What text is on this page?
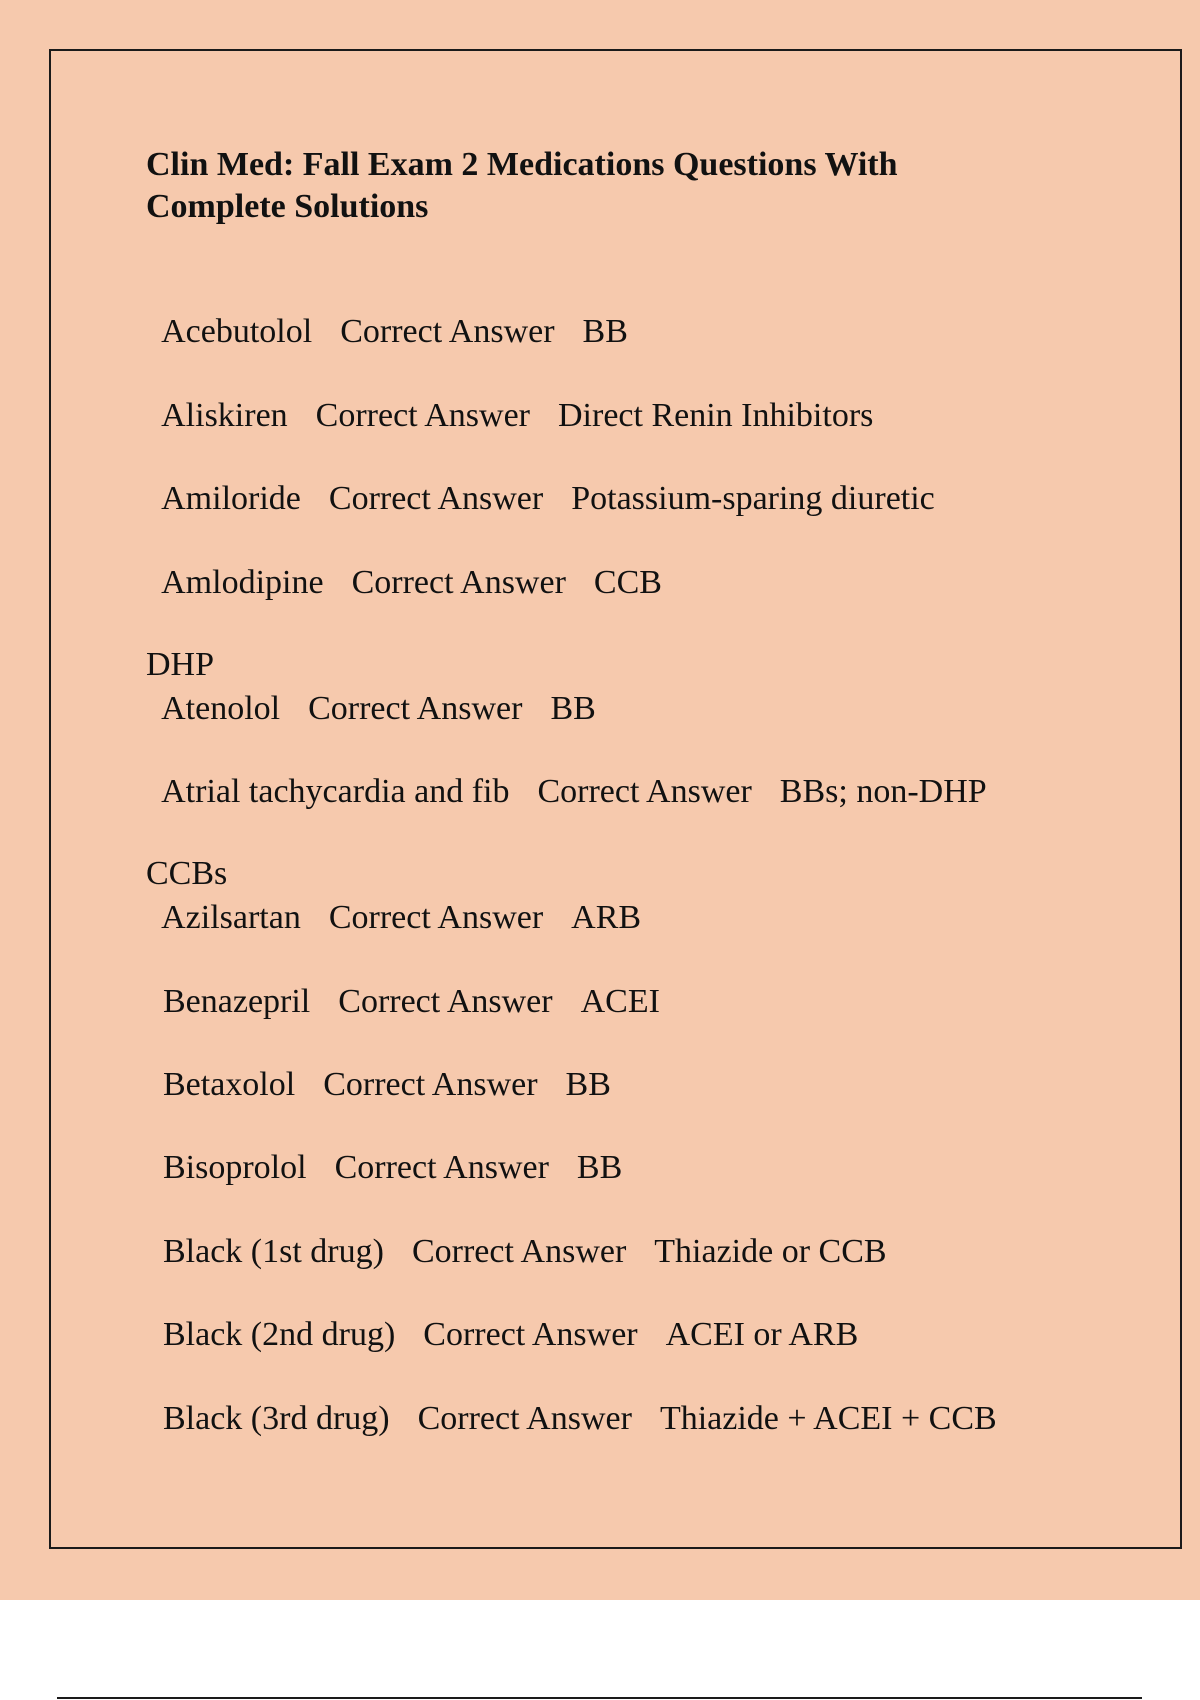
Clin Med: Fall Exam 2 Medications Questions With
Complete Solutions

Acebutolol Correct Answer BB

Aliskiren Correct Answer Direct Renin Inhibitors

Amiloride Correct Answer Potassium-sparing diuretic

Amlodipine Correct Answer CCB

DHP

Atenolol Correct Answer BB

Atrial tachycardia and fib Correct Answer BBs; non-DHP

CCBs

Azilsartan Correct Answer ARB

Benazepril Correct Answer ACEI

Betaxolol Correct Answer BB

Bisoprolol Correct Answer BB

Black (1st drug) Correct Answer Thiazide or CCB

Black (2nd drug) Correct Answer ACEI or ARB

Black (3rd drug) Correct Answer Thiazide + ACEI + CCB
